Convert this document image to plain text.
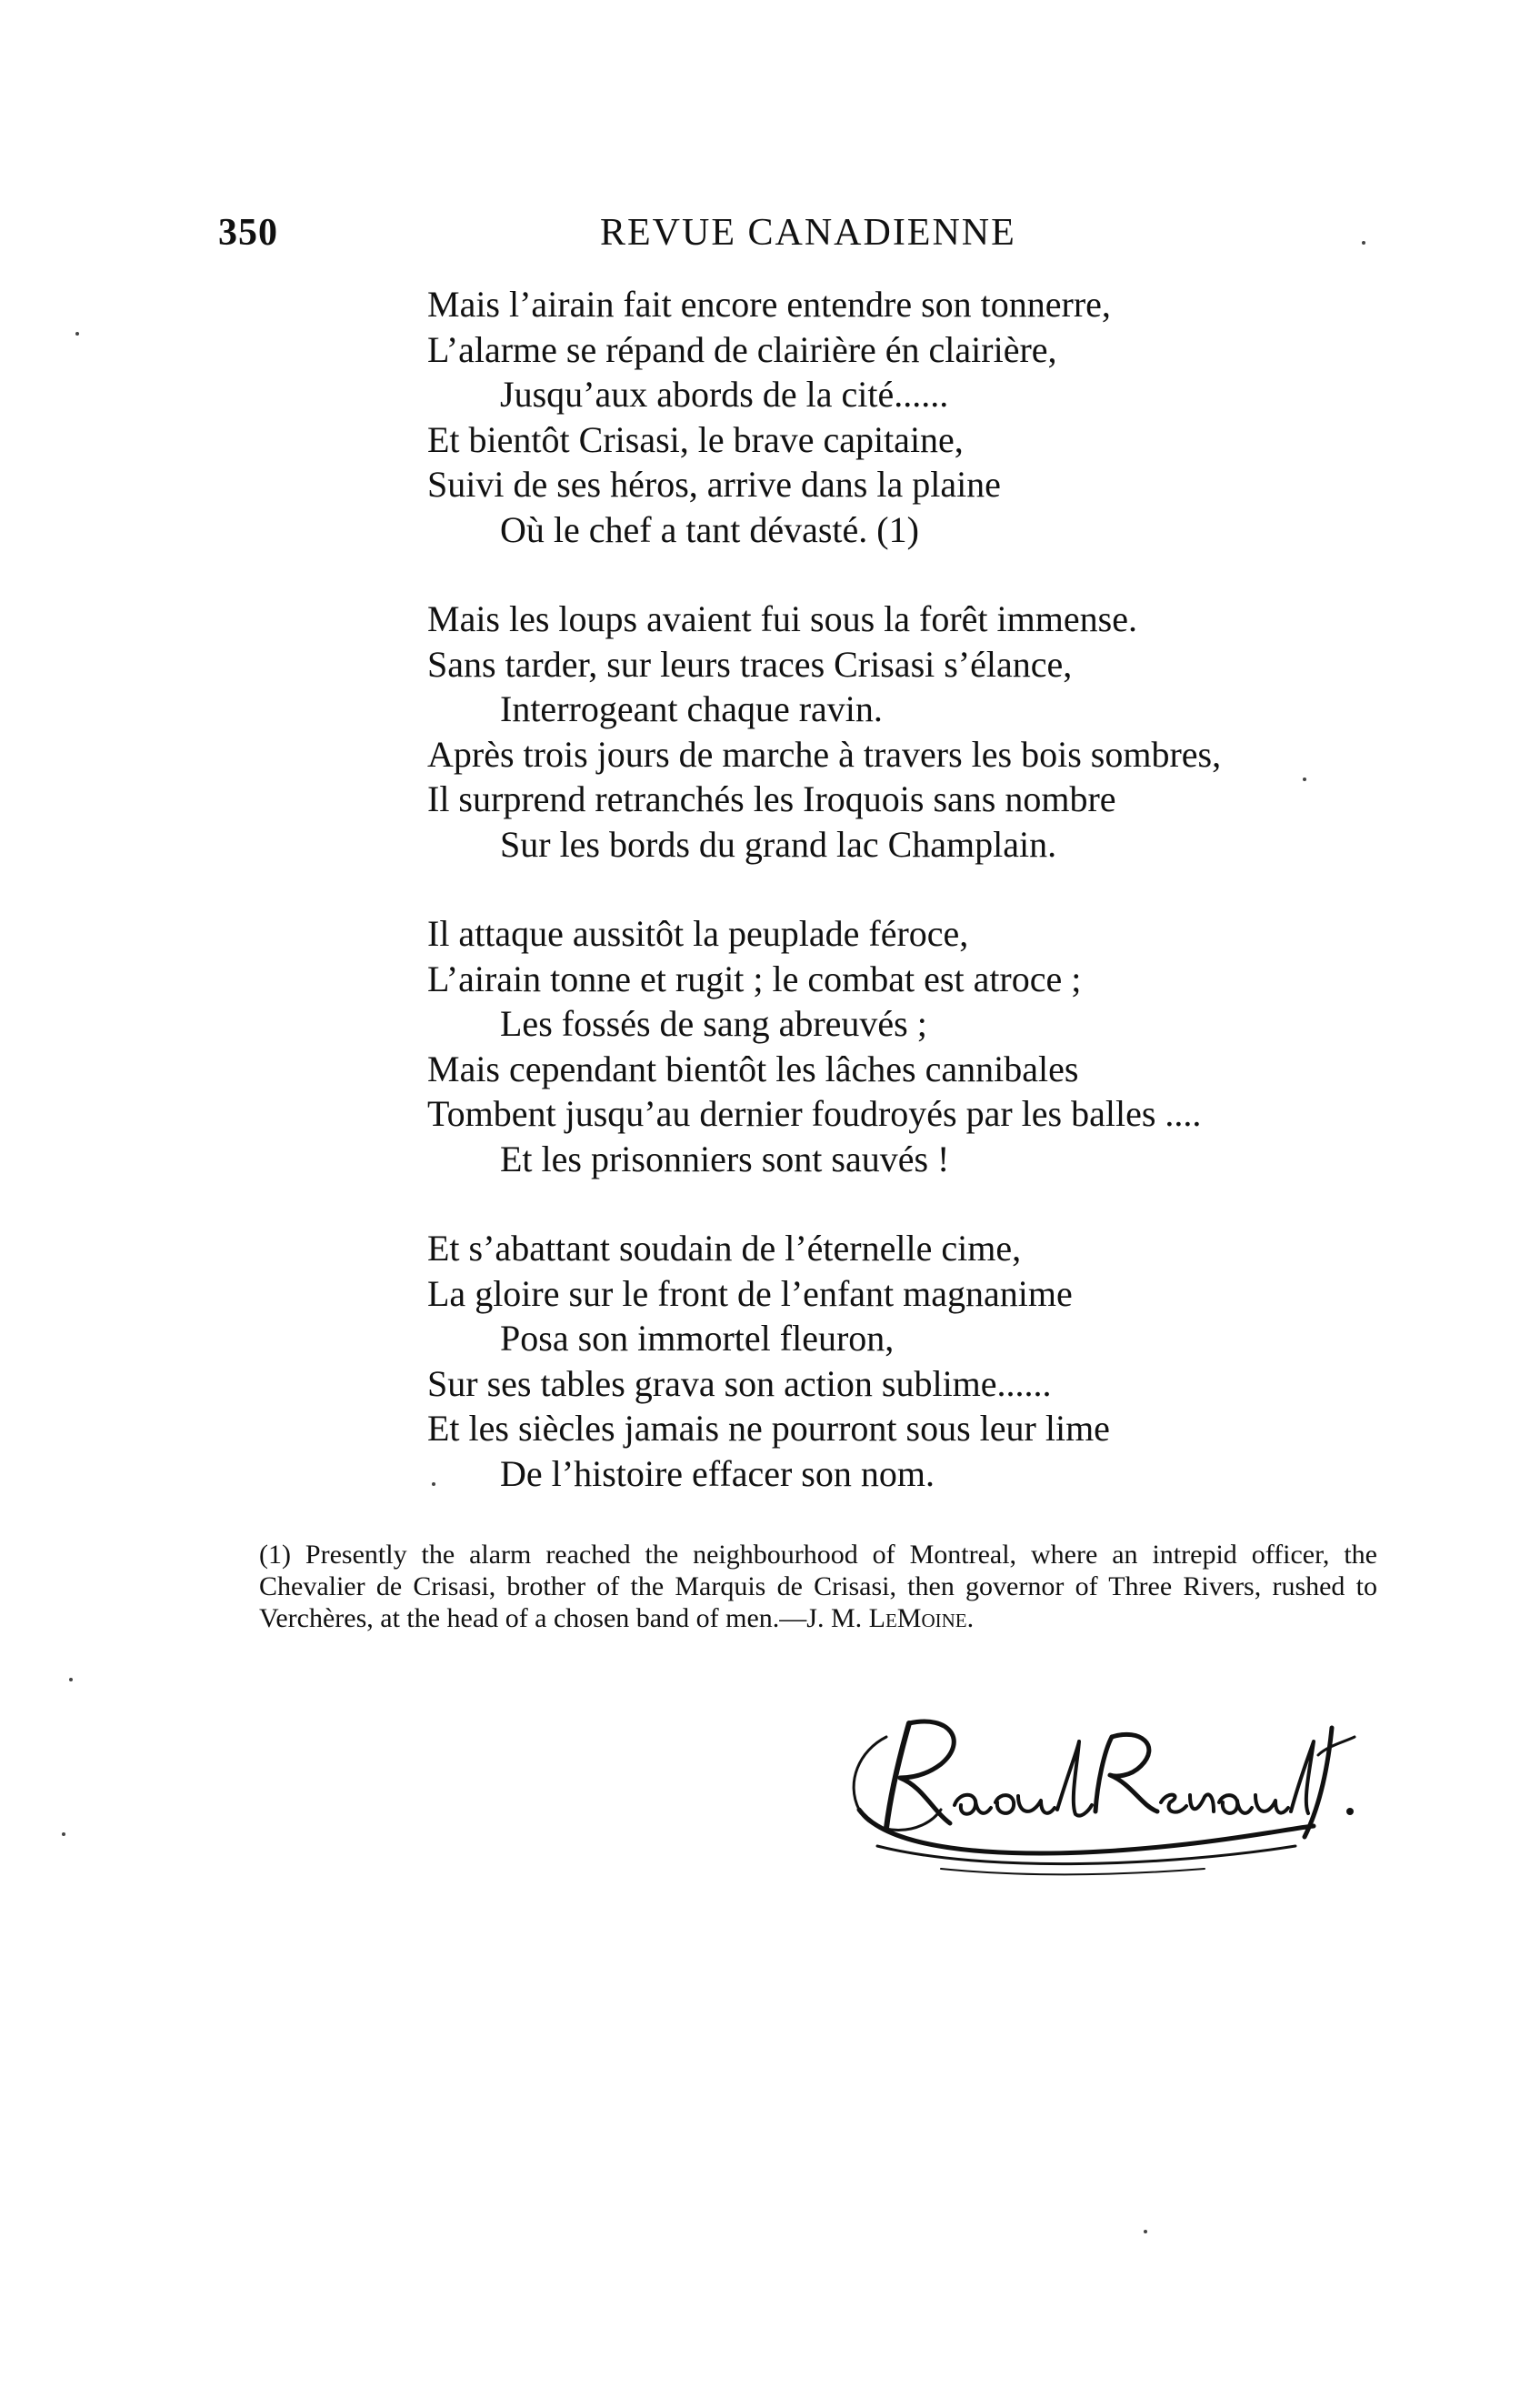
350	REVUE CANADIENNE
Mais l’airain fait encore entendre son tonnerre,
L’alarme se répand de clairière én clairière,
Jusqu’aux abords de la cité......
Et bientôt Crisasi, le brave capitaine,
Suivi de ses héros, arrive dans la plaine
Où le chef a tant dévasté. (1)
Mais les loups avaient fui sous la forêt immense.
Sans tarder, sur leurs traces Crisasi s’élance,
Interrogeant chaque ravin.
Après trois jours de marche à travers les bois sombres,
Il surprend retranchés les Iroquois sans nombre
Sur les bords du grand lac Champlain.
Il attaque aussitôt la peuplade féroce,
L’airain tonne et rugit ; le combat est atroce ;
Les fossés de sang abreuvés ;
Mais cependant bientôt les lâches cannibales
Tombent jusqu’au dernier foudroyés par les balles ....
Et les prisonniers sont sauvés !
Et s’abattant soudain de l’éternelle cime,
La gloire sur le front de l’enfant magnanime
Posa son immortel fleuron,
Sur ses tables grava son action sublime......
Et les siècles jamais ne pourront sous leur lime
De l’histoire effacer son nom.
(1) Presently the alarm reached the neighbourhood of Montreal, where an intrepid officer, the Chevalier de Crisasi, brother of the Marquis de Crisasi, then governor of Three Rivers, rushed to Verchères, at the head of a chosen band of men.—J. M. LeMoine.
